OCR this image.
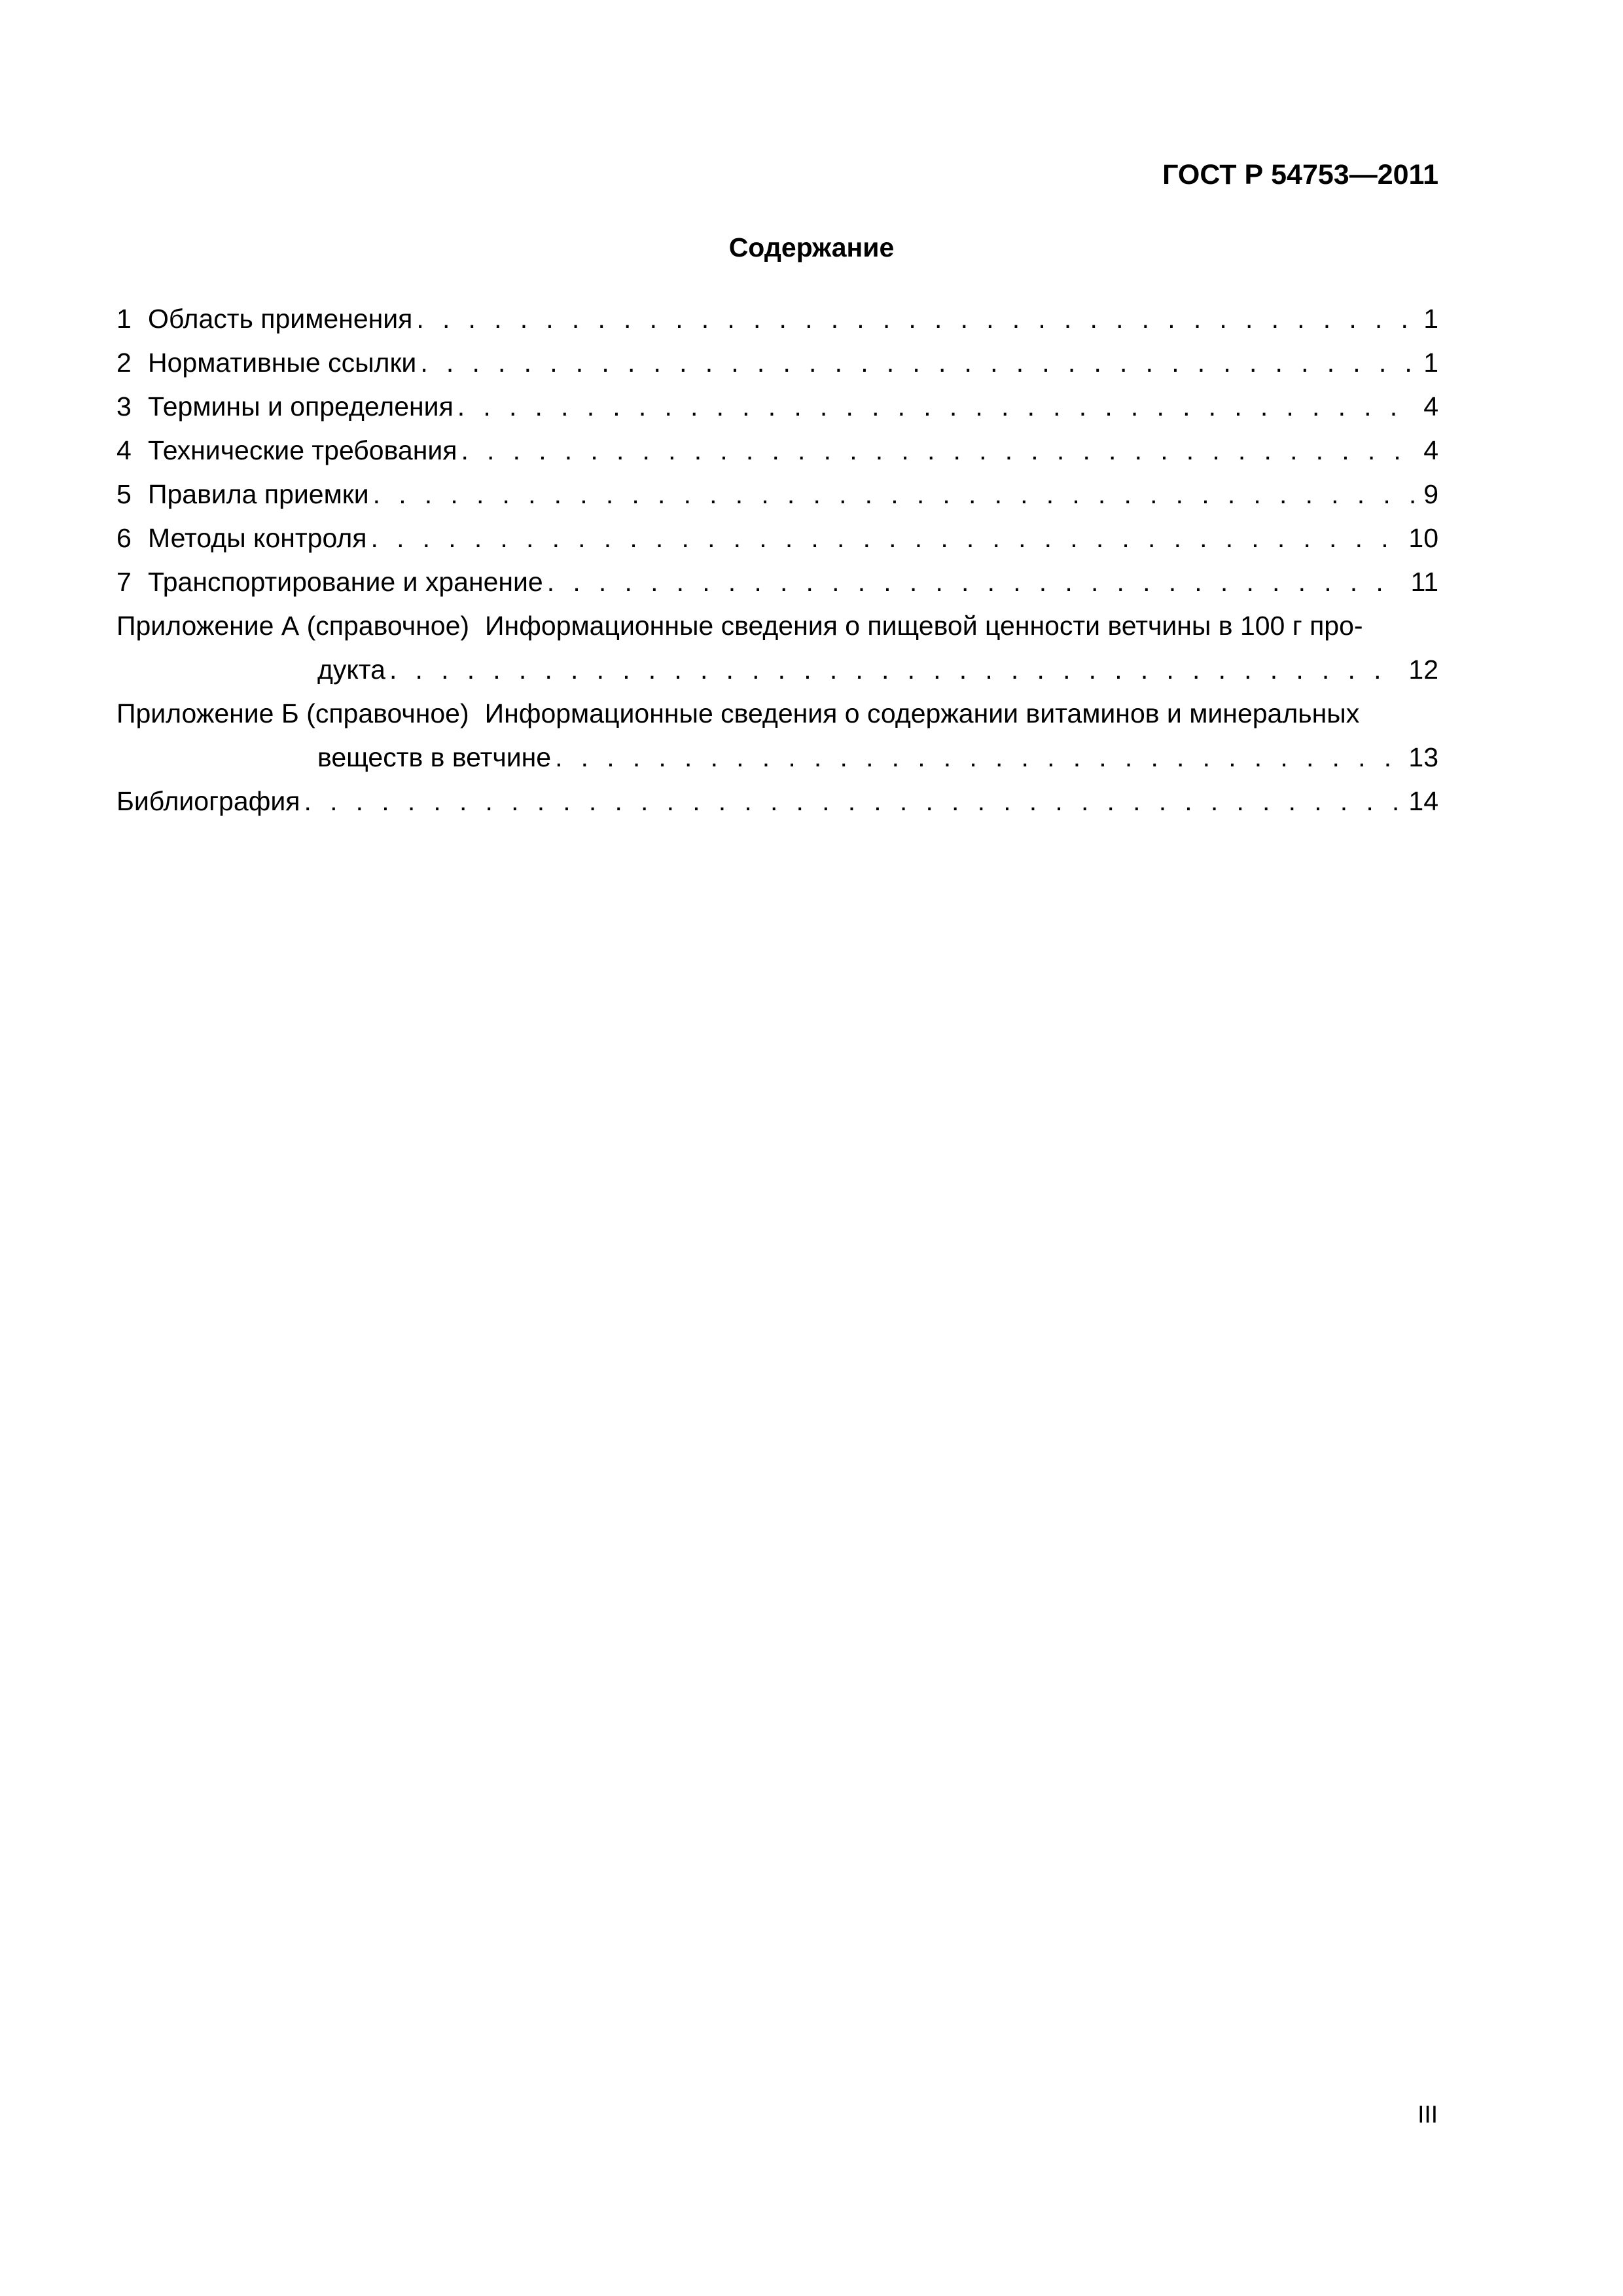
ГОСТ Р 54753—2011
Содержание
1 Область применения . . .	1
2 Нормативные ссылки . . .	1
3 Термины и определения . . .	4
4 Технические требования . . .	4
5 Правила приемки . . .	9
6 Методы контроля . . .	10
7 Транспортирование и хранение . . .	11
Приложение А (справочное) Информационные сведения о пищевой ценности ветчины в 100 г про-
дукта . . .	12
Приложение Б (справочное) Информационные сведения о содержании витаминов и минеральных
веществ в ветчине . . .	13
Библиография . . .	14
III
